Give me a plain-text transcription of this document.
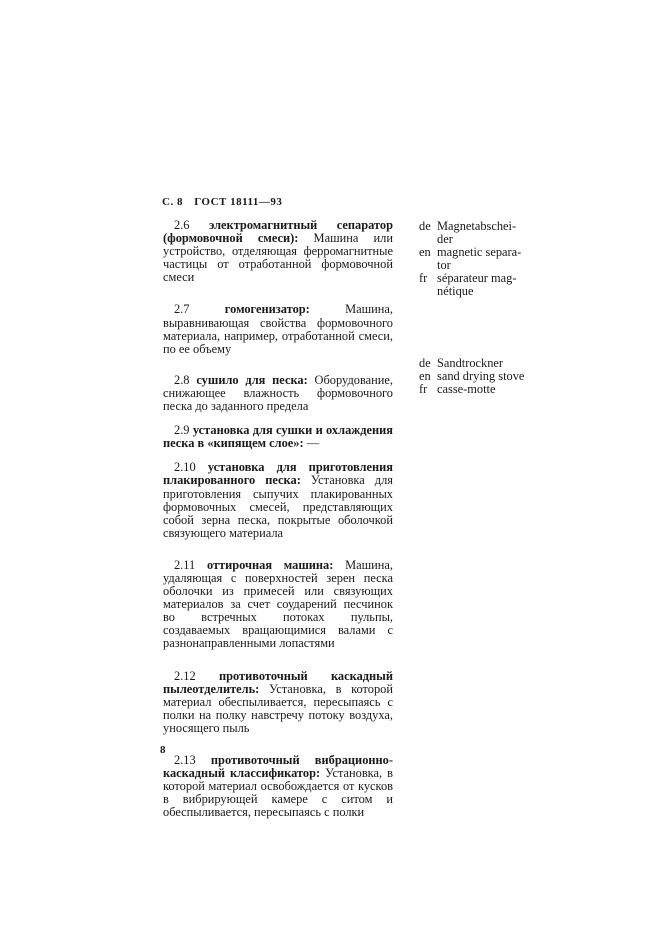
С. 8 ГОСТ 18111—93

2.6 электромагнитный сепаратор (формовочной смеси): Машина или устройство, отделяющая ферромагнитные частицы от отработанной формовочной смеси

2.7	гомогенизатор: Машина, выравнивающая свойства формовочного материала, например, отработанной смеси, по ее объему

2.8 сушило для песка: Оборудование, снижающее влажность формовочного песка до заданного предела

2.9 установка для сушки и охлаждения песка в «кипящем слое»: —

2.10 установка для приготовления плакированного песка: Установка для приготовления сыпучих плакированных формовочных смесей, представляющих собой зерна песка, покрытые оболочкой связующего материала

2.11 оттирочная машина: Машина, удаляющая с поверхностей зерен песка оболочки из примесей или связующих материалов за счет соударений песчинок во встречных потоках пульпы, создаваемых вращающимися валами с разнонаправленными лопастями

2.12 противоточный каскадный пылеотделитель: Установка, в которой материал обеспыливается, пересыпаясь с полки на полку навстречу потоку воздуха, уносящего пыль

2.13 противоточный вибрационно-каскадный классификатор: Установка, в которой материал освобождается от кусков в вибрирующей камере с ситом и обеспыливается, пересыпаясь с полки

de Magnetabschei-
der
en magnetic separa-
tor
fr séparateur mag-
nétique
de Sandtrockner
en sand drying stove
fr casse-motte
8
